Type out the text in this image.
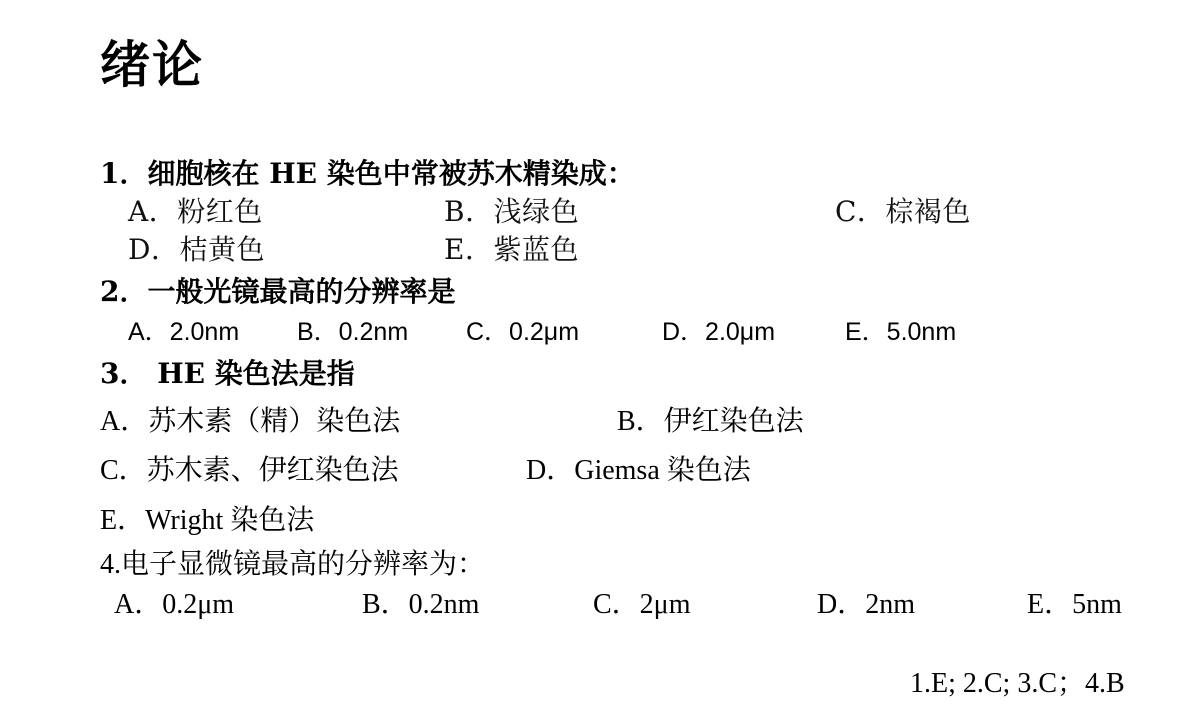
绪论
1．细胞核在 HE 染色中常被苏木精染成：
A．粉红色	B．浅绿色	C．棕褐色
D．桔黄色	E．紫蓝色
2．一般光镜最高的分辨率是
A．2.0nm B．0.2nm C．0.2μm	D．2.0μm	E．5.0nm
3． HE 染色法是指
A．苏木素（精）染色法	B．伊红染色法
C．苏木素、伊红染色法	D．Giemsa 染色法
E．Wright 染色法
4.电子显微镜最高的分辨率为：
A．0.2μm	B．0.2nm	C．2μm	D．2nm	E．5nm
1.E; 2.C; 3.C；4.B
